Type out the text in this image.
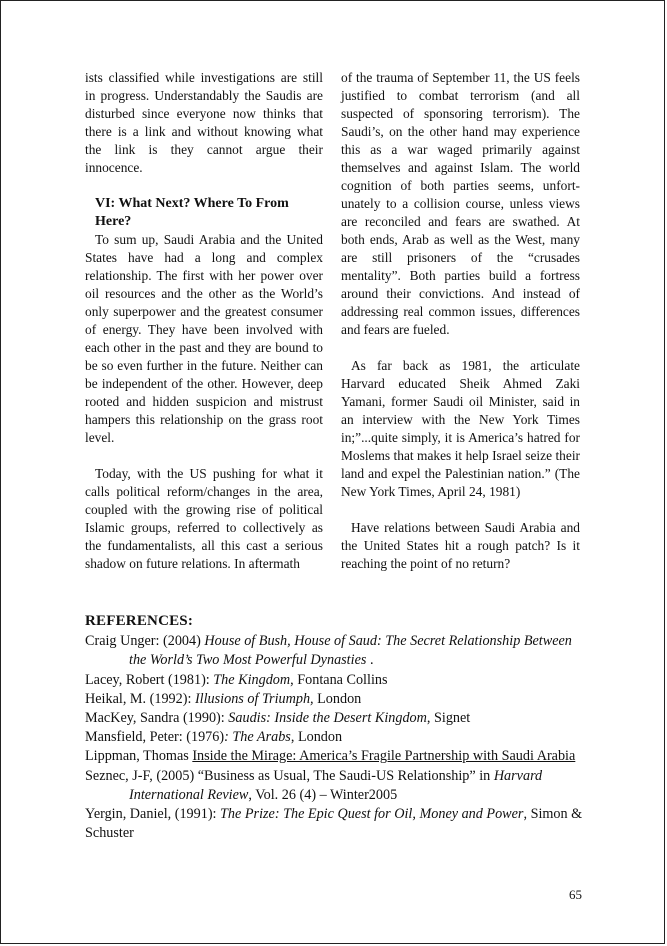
ists classified while investigations are still in progress. Understandably the Saudis are disturbed since everyone now thinks that there is a link and without knowing what the link is they cannot argue their innocence.

VI: What Next? Where To From Here?

To sum up, Saudi Arabia and the United States have had a long and complex relationship. The first with her power over oil resources and the other as the World’s only superpower and the greatest consumer of energy. They have been involved with each other in the past and they are bound to be so even further in the future. Neither can be independent of the other. However, deep rooted and hidden suspicion and mistrust hampers this relationship on the grass root level.

Today, with the US pushing for what it calls political reform/changes in the area, coupled with the growing rise of political Islamic groups, referred to collectively as the fundamentalists, all this cast a serious shadow on future relations. In aftermath

of the trauma of September 11, the US feels justified to combat terrorism (and all suspected of sponsoring terrorism). The Saudi’s, on the other hand may experience this as a war waged primarily against themselves and against Islam. The world cognition of both parties seems, unfort-unately to a collision course, unless views are reconciled and fears are swathed. At both ends, Arab as well as the West, many are still prisoners of the “crusades mentality”. Both parties build a fortress around their convictions. And instead of addressing real common issues, differences and fears are fueled.

As far back as 1981, the articulate Harvard educated Sheik Ahmed Zaki Yamani, former Saudi oil Minister, said in an interview with the New York Times in;”...quite simply, it is America’s hatred for Moslems that makes it help Israel seize their land and expel the Palestinian nation.” (The New York Times, April 24, 1981)

Have relations between Saudi Arabia and the United States hit a rough patch? Is it reaching the point of no return?

REFERENCES:

Craig Unger: (2004) House of Bush, House of Saud: The Secret Relationship Between the World’s Two Most Powerful Dynasties .

Lacey, Robert (1981): The Kingdom, Fontana Collins

Heikal, M. (1992): Illusions of Triumph, London

MacKey, Sandra (1990): Saudis: Inside the Desert Kingdom, Signet

Mansfield, Peter: (1976): The Arabs, London

Lippman, Thomas Inside the Mirage: America’s Fragile Partnership with Saudi Arabia

Seznec, J-F, (2005) “Business as Usual, The Saudi-US Relationship” in Harvard International Review, Vol. 26 (4) – Winter2005

Yergin, Daniel, (1991): The Prize: The Epic Quest for Oil, Money and Power, Simon & Schuster

65
